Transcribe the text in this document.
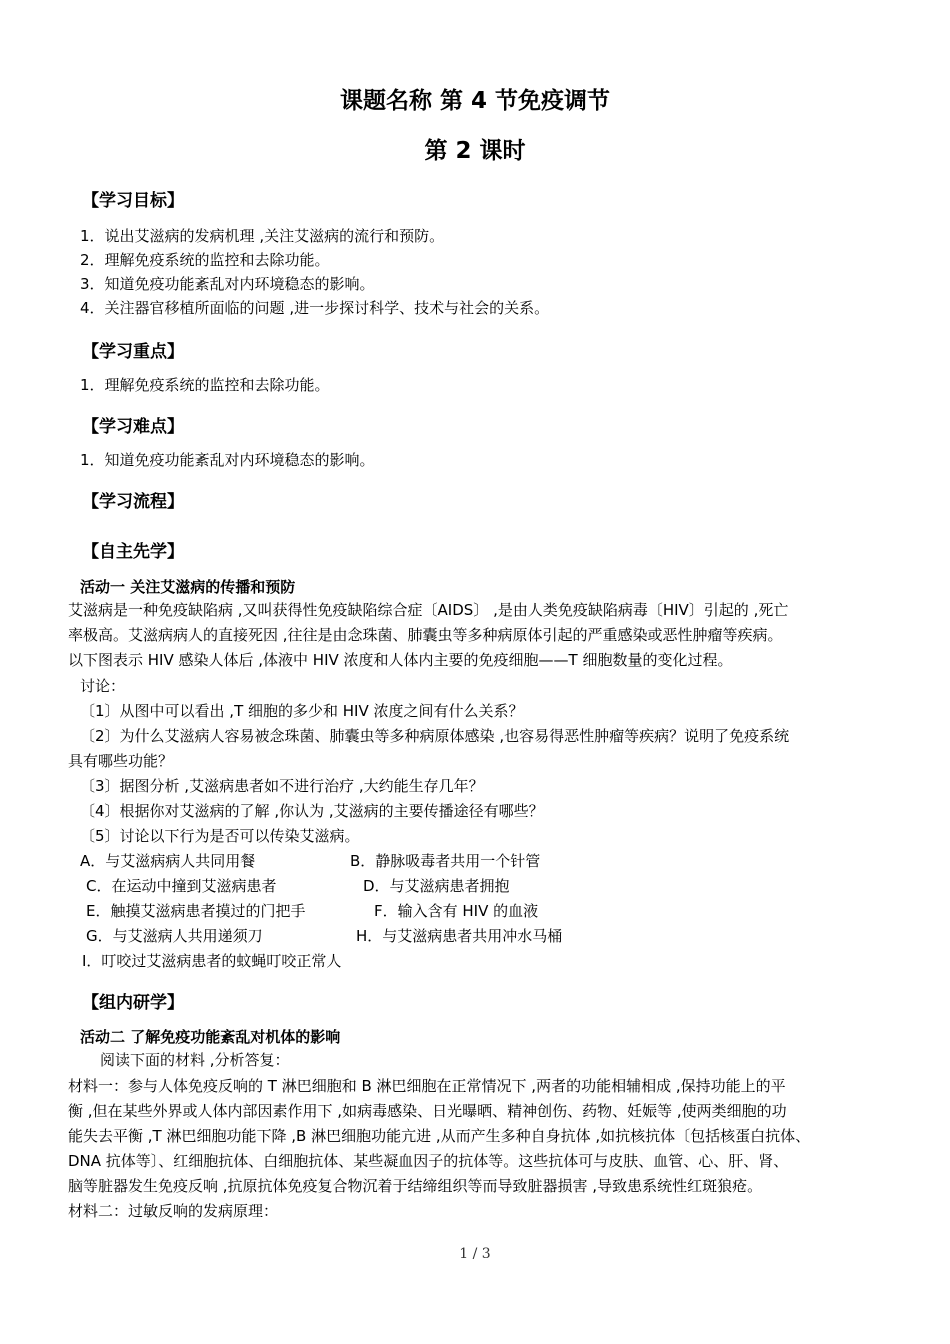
课题名称 第 4 节免疫调节
第 2 课时
【学习目标】
1．说出艾滋病的发病机理 ,关注艾滋病的流行和预防。
2．理解免疫系统的监控和去除功能。
3．知道免疫功能紊乱对内环境稳态的影响。
4．关注器官移植所面临的问题 ,进一步探讨科学、技术与社会的关系。
【学习重点】
1．理解免疫系统的监控和去除功能。
【学习难点】
1．知道免疫功能紊乱对内环境稳态的影响。
【学习流程】
【自主先学】
活动一 关注艾滋病的传播和预防
艾滋病是一种免疫缺陷病 ,又叫获得性免疫缺陷综合症〔AIDS〕 ,是由人类免疫缺陷病毒〔HIV〕引起的 ,死亡
率极高。艾滋病病人的直接死因 ,往往是由念珠菌、肺囊虫等多种病原体引起的严重感染或恶性肿瘤等疾病。
以下图表示 HIV 感染人体后 ,体液中 HIV 浓度和人体内主要的免疫细胞——T 细胞数量的变化过程。
讨论：
〔1〕从图中可以看出 ,T 细胞的多少和 HIV 浓度之间有什么关系？
〔2〕为什么艾滋病人容易被念珠菌、肺囊虫等多种病原体感染 ,也容易得恶性肿瘤等疾病？说明了免疫系统
具有哪些功能？
〔3〕据图分析 ,艾滋病患者如不进行治疗 ,大约能生存几年？
〔4〕根据你对艾滋病的了解 ,你认为 ,艾滋病的主要传播途径有哪些？
〔5〕讨论以下行为是否可以传染艾滋病。
A．与艾滋病病人共同用餐	B．静脉吸毒者共用一个针管
C．在运动中撞到艾滋病患者	D．与艾滋病患者拥抱
E．触摸艾滋病患者摸过的门把手	F．输入含有 HIV 的血液
G．与艾滋病人共用递须刀	H．与艾滋病患者共用冲水马桶
I．叮咬过艾滋病患者的蚊蝇叮咬正常人
【组内研学】
活动二 了解免疫功能紊乱对机体的影响
阅读下面的材料 ,分析答复：
材料一：参与人体免疫反响的 T 淋巴细胞和 B 淋巴细胞在正常情况下 ,两者的功能相辅相成 ,保持功能上的平
衡 ,但在某些外界或人体内部因素作用下 ,如病毒感染、日光曝晒、精神创伤、药物、妊娠等 ,使两类细胞的功
能失去平衡 ,T 淋巴细胞功能下降 ,B 淋巴细胞功能亢进 ,从而产生多种自身抗体 ,如抗核抗体〔包括核蛋白抗体、
DNA 抗体等〕、红细胞抗体、白细胞抗体、某些凝血因子的抗体等。这些抗体可与皮肤、血管、心、肝、肾、
脑等脏器发生免疫反响 ,抗原抗体免疫复合物沉着于结缔组织等而导致脏器损害 ,导致患系统性红斑狼疮。
材料二：过敏反响的发病原理：
1 / 3
